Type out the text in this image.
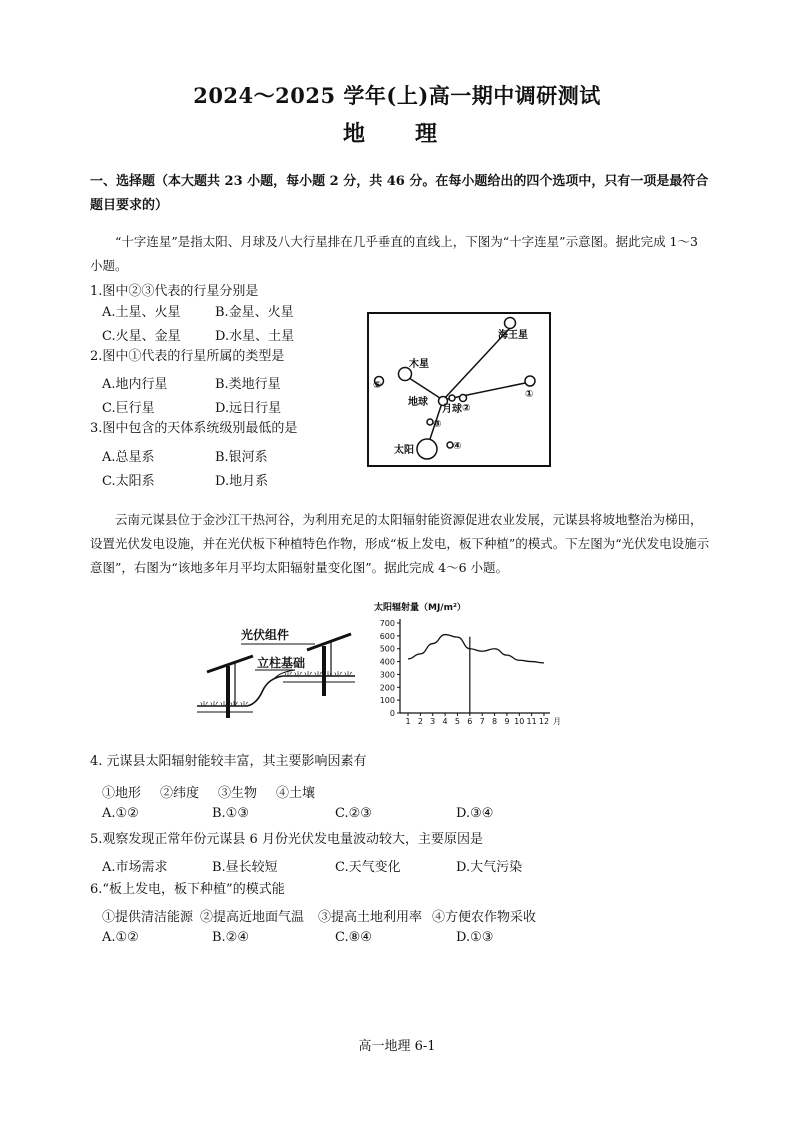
2024～2025 学年(上)高一期中调研测试
地　理
一、选择题（本大题共 23 小题，每小题 2 分，共 46 分。在每小题给出的四个选项中，只有一项是最符合题目要求的）
“十字连星”是指太阳、月球及八大行星排在几乎垂直的直线上，下图为“十字连星”示意图。据此完成 1～3 小题。
1.图中②③代表的行星分别是
A.土星、火星	B.金星、火星
C.火星、金星	D.水星、土星
2.图中①代表的行星所属的类型是
A.地内行星	B.类地行星
C.巨行星	D.远日行星
3.图中包含的天体系统级别最低的是
A.总星系	B.银河系
C.太阳系	D.地月系
海王星
木星
⑤
①
地球
月球 ②
③
④
太阳
云南元谋县位于金沙江干热河谷，为利用充足的太阳辐射能资源促进农业发展，元谋县将坡地整治为梯田，设置光伏发电设施，并在光伏板下种植特色作物，形成“板上发电，板下种植”的模式。下左图为“光伏发电设施示意图”，右图为“该地多年月平均太阳辐射量变化图”。据此完成 4～6 小题。
⺌⺌⺌⺌⺌
⺌⺌⺌⺌⺌⺌⺌
光伏组件
立柱基础
太阳辐射量（MJ/m²）
0
100
200
300
400
500
600
700
1 2 3 4 5 6 7 8 9 10 11 12 月
4. 元谋县太阳辐射能较丰富，其主要影响因素有
①地形 ②纬度 ③生物 ④土壤
A.①②	B.①③	C.②③	D.③④
5.观察发现正常年份元谋县 6 月份光伏发电量波动较大，主要原因是
A.市场需求	B.昼长较短	C.天气变化	D.大气污染
6.“板上发电，板下种植”的模式能
①提供清洁能源 ②提高近地面气温 ③提高土地利用率 ④方便农作物采收
A.①②	B.②④	C.⑧④	D.①③
高一地理 6-1
